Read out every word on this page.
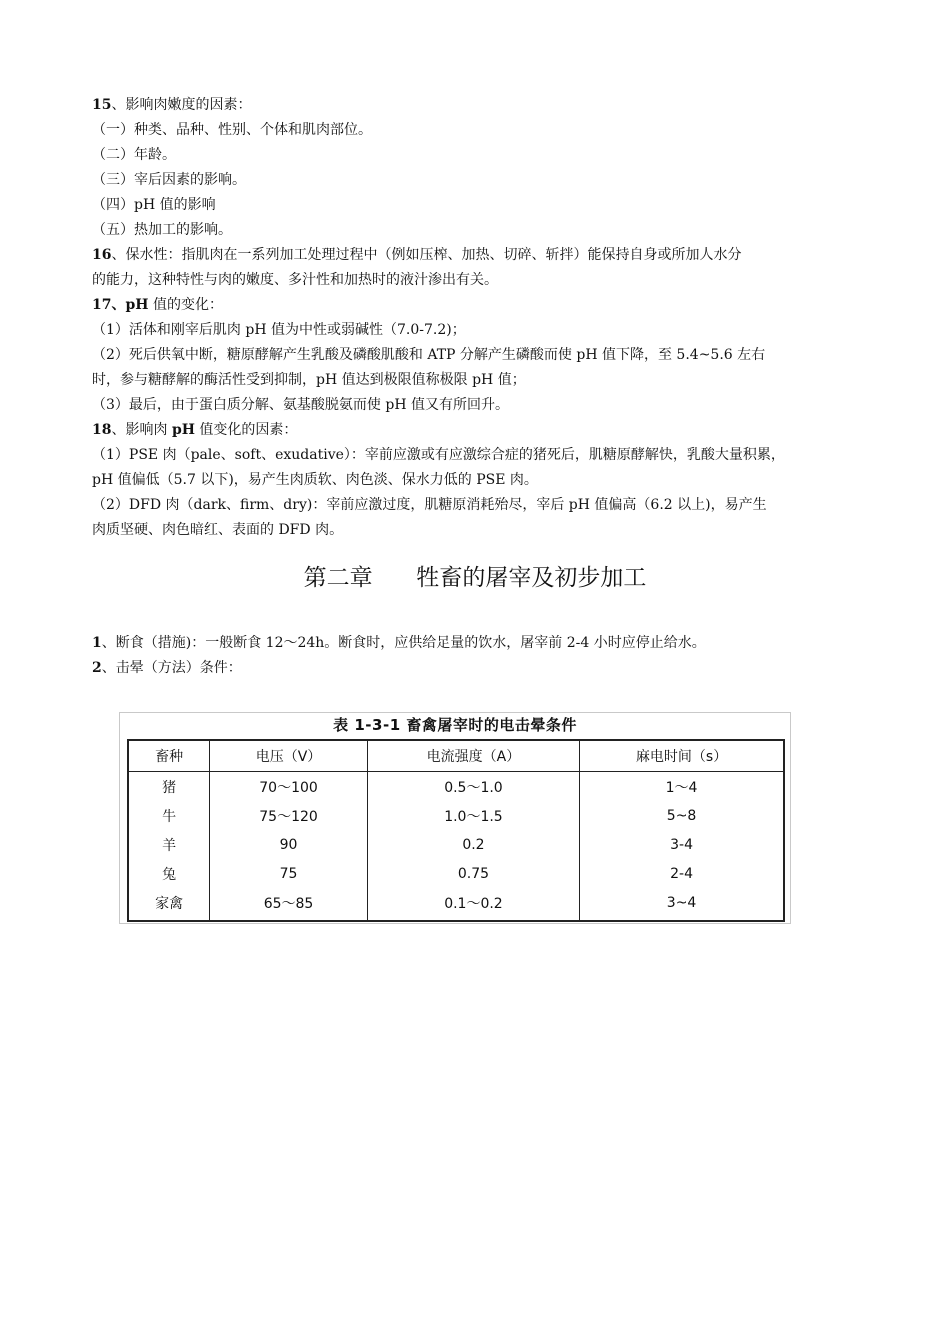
15、影响肉嫩度的因素：
（一）种类、品种、性别、个体和肌肉部位。
（二）年龄。
（三）宰后因素的影响。
（四）pH 值的影响
（五）热加工的影响。
16、保水性：指肌肉在一系列加工处理过程中（例如压榨、加热、切碎、斩拌）能保持自身或所加人水分
的能力，这种特性与肉的嫩度、多汁性和加热时的液汁渗出有关。
17、pH 值的变化：
（1）活体和刚宰后肌肉 pH 值为中性或弱碱性（7.0-7.2)；
（2）死后供氧中断，糖原酵解产生乳酸及磷酸肌酸和 ATP 分解产生磷酸而使 pH 值下降，至 5.4~5.6 左右
时，参与糖酵解的酶活性受到抑制，pH 值达到极限值称极限 pH 值；
（3）最后，由于蛋白质分解、氨基酸脱氨而使 pH 值又有所回升。
18、影响肉 pH 值变化的因素：
（1）PSE 肉（pale、soft、exudative）：宰前应激或有应激综合症的猪死后，肌糖原酵解快，乳酸大量积累，
pH 值偏低（5.7 以下)，易产生肉质软、肉色淡、保水力低的 PSE 肉。
（2）DFD 肉（dark、firm、dry)：宰前应激过度，肌糖原消耗殆尽，宰后 pH 值偏高（6.2 以上)，易产生
肉质坚硬、肉色暗红、表面的 DFD 肉。
第二章      牲畜的屠宰及初步加工
1、断食（措施)：一般断食 12～24h。断食时，应供给足量的饮水，屠宰前 2-4 小时应停止给水。
2、击晕（方法）条件：
表 1-3-1 畜禽屠宰时的电击晕条件
畜种	电压（V）	电流强度（A）	麻电时间（s）
猪	70～100	0.5～1.0	1～4
牛	75～120	1.0～1.5	5~8
羊	90	0.2	3-4
兔	75	0.75	2-4
家禽	65～85	0.1～0.2	3~4
